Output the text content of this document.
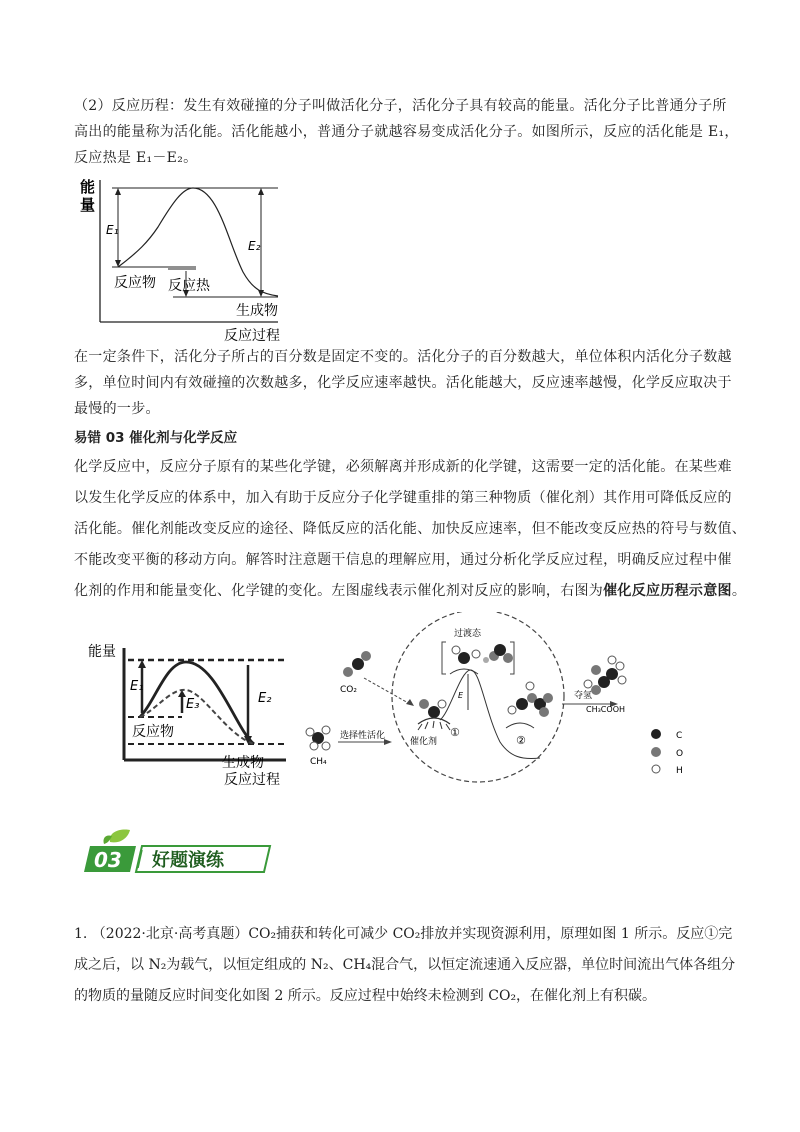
（2）反应历程：发生有效碰撞的分子叫做活化分子，活化分子具有较高的能量。活化分子比普通分子所
高出的能量称为活化能。活化能越小，普通分子就越容易变成活化分子。如图所示，反应的活化能是 E₁，
反应热是 E₁－E₂。
能
量
E₁
E₂
反应物 反应热
生成物
反应过程
在一定条件下，活化分子所占的百分数是固定不变的。活化分子的百分数越大，单位体积内活化分子数越
多，单位时间内有效碰撞的次数越多，化学反应速率越快。活化能越大，反应速率越慢，化学反应取决于
最慢的一步。
易错 03 催化剂与化学反应
化学反应中，反应分子原有的某些化学键，必须解离并形成新的化学键，这需要一定的活化能。在某些难
以发生化学反应的体系中，加入有助于反应分子化学键重排的第三种物质（催化剂）其作用可降低反应的
活化能。催化剂能改变反应的途径、降低反应的活化能、加快反应速率，但不能改变反应热的符号与数值、
不能改变平衡的移动方向。解答时注意题干信息的理解应用，通过分析化学反应过程，明确反应过程中催
化剂的作用和能量变化、化学键的变化。左图虚线表示催化剂对反应的影响，右图为催化反应历程示意图。
能量
E₁
E₃	E₂
反应物
生成物
反应过程
CO₂
CH₄
选择性活化
催化剂
①
过渡态
E
②
夺氢
CH₃COOH
C
O
H
03 好题演练
1. （2022·北京·高考真题）CO₂捕获和转化可减少 CO₂排放并实现资源利用，原理如图 1 所示。反应①完
成之后，以 N₂为载气，以恒定组成的 N₂、CH₄混合气，以恒定流速通入反应器，单位时间流出气体各组分
的物质的量随反应时间变化如图 2 所示。反应过程中始终未检测到 CO₂，在催化剂上有积碳。
